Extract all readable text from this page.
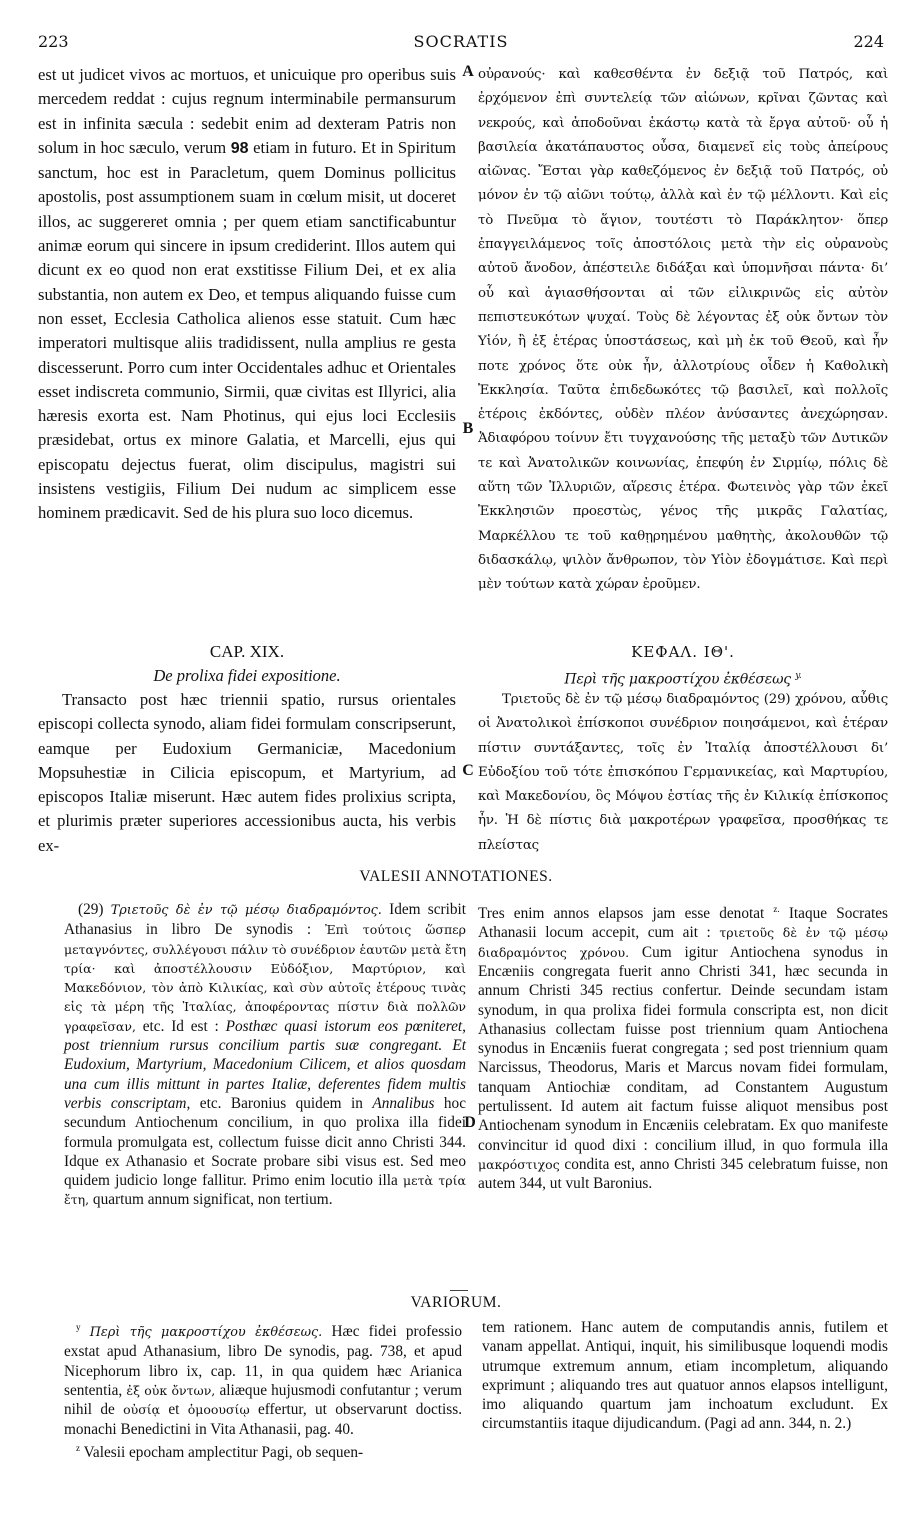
223	SOCRATIS	224
est ut judicet vivos ac mortuos, et unicuique pro operibus suis mercedem reddat : cujus regnum interminabile permansurum est in infinita sæcula : sedebit enim ad dexteram Patris non solum in hoc sæculo, verum 98 etiam in futuro. Et in Spiritum sanctum, hoc est in Paracletum, quem Dominus pollicitus apostolis, post assumptionem suam in cœlum misit, ut doceret illos, ac suggereret omnia ; per quem etiam sanctificabuntur animæ eorum qui sincere in ipsum crediderint. Illos autem qui dicunt ex eo quod non erat exstitisse Filium Dei, et ex alia substantia, non autem ex Deo, et tempus aliquando fuisse cum non esset, Ecclesia Catholica alienos esse statuit. Cum hæc imperatori multisque aliis tradidissent, nulla amplius re gesta discesserunt. Porro cum inter Occidentales adhuc et Orientales esset indiscreta communio, Sirmii, quæ civitas est Illyrici, alia hæresis exorta est. Nam Photinus, qui ejus loci Ecclesiis præsidebat, ortus ex minore Galatia, et Marcelli, ejus qui episcopatu dejectus fuerat, olim discipulus, magistri sui insistens vestigiis, Filium Dei nudum ac simplicem esse hominem prædicavit. Sed de his plura suo loco dicemus.
A οὐρανούς· καὶ καθεσθέντα ἐν δεξιᾷ τοῦ Πατρός, καὶ ἐρχόμενον ἐπὶ συντελείᾳ τῶν αἰώνων, κρῖναι ζῶντας καὶ νεκρούς, καὶ ἀποδοῦναι ἑκάστῳ κατὰ τὰ ἔργα αὐτοῦ· οὗ ἡ βασιλεία ἀκατάπαυστος οὖσα, διαμενεῖ εἰς τοὺς ἀπείρους αἰῶνας. Ἔσται γὰρ καθεζόμενος ἐν δεξιᾷ τοῦ Πατρός, οὐ μόνον ἐν τῷ αἰῶνι τούτῳ, ἀλλὰ καὶ ἐν τῷ μέλλοντι. Καὶ εἰς τὸ Πνεῦμα τὸ ἅγιον, τουτέστι τὸ Παράκλητον· ὅπερ ἐπαγγειλάμενος τοῖς ἀποστόλοις μετὰ τὴν εἰς οὐρανοὺς αὐτοῦ ἄνοδον, ἀπέστειλε διδάξαι καὶ ὑπομνῆσαι πάντα· δι’ οὗ καὶ ἁγιασθήσονται αἱ τῶν εἰλικρινῶς εἰς αὐτὸν πεπιστευκότων ψυχαί. Τοὺς δὲ λέγοντας ἐξ οὐκ ὄντων τὸν Υἱόν, ἢ ἐξ ἑτέρας ὑποστάσεως, καὶ μὴ ἐκ τοῦ Θεοῦ, καὶ ἦν ποτε χρόνος ὅτε οὐκ ἦν, ἀλλοτρίους οἶδεν ἡ Καθολικὴ Ἐκκλησία. Ταῦτα ἐπιδεδωκότες τῷ βασιλεῖ, καὶ πολλοῖς ἑτέροις ἐκδόντες, οὐδὲν πλέον ἀνύσαντες ἀνεχώρησαν. Ἀδιαφόρου τοίνυν ἔτι τυγχανούσης τῆς μεταξὺ τῶν Δυτικῶν τε καὶ Ἀνατολικῶν κοινωνίας, ἐπεφύη ἐν Σιρμίῳ, πόλις δὲ αὕτη τῶν Ἰλλυριῶν, αἵρεσις ἑτέρα. Φωτεινὸς γὰρ τῶν ἐκεῖ Ἐκκλησιῶν προεστὼς, γένος τῆς μικρᾶς Γαλατίας, Μαρκέλλου τε τοῦ καθῃρημένου μαθητὴς, ἀκολουθῶν τῷ διδασκάλῳ, ψιλὸν ἄνθρωπον, τὸν Υἱὸν ἐδογμάτισε. Καὶ περὶ μὲν τούτων κατὰ χώραν ἐροῦμεν.
B
CAP. XIX.
De prolixa fidei expositione.
ΚΕΦΑΛ. ΙΘ'.
Περὶ τῆς μακροστίχου ἐκθέσεως $^{y.}$
Transacto post hæc triennii spatio, rursus orientales episcopi collecta synodo, aliam fidei formulam conscripserunt, eamque per Eudoxium Germaniciæ, Macedonium Mopsuhestiæ in Cilicia episcopum, et Martyrium, ad episcopos Italiæ miserunt. Hæc autem fides prolixius scripta, et plurimis præter superiores accessionibus aucta, his verbis ex-
C
Τριετοῦς δὲ ἐν τῷ μέσῳ διαδραμόντος (29) χρόνου, αὖθις οἱ Ἀνατολικοὶ ἐπίσκοποι συνέδριον ποιησάμενοι, καὶ ἑτέραν πίστιν συντάξαντες, τοῖς ἐν Ἰταλίᾳ ἀποστέλλουσι δι’ Εὐδοξίου τοῦ τότε ἐπισκόπου Γερμανικείας, καὶ Μαρτυρίου, καὶ Μακεδονίου, ὃς Μόψου ἑστίας τῆς ἐν Κιλικίᾳ ἐπίσκοπος ἦν. Ἡ δὲ πίστις διὰ μακροτέρων γραφεῖσα, προσθήκας τε πλείστας
VALESII ANNOTATIONES.
(29) Τριετοῦς δὲ ἐν τῷ μέσῳ διαδραμόντος. Idem scribit Athanasius in libro De synodis : Ἐπὶ τούτοις ὥσπερ μεταγνόντες, συλλέγουσι πάλιν τὸ συνέδριον ἑαυτῶν μετὰ ἔτη τρία· καὶ ἀποστέλλουσιν Εὐδόξιον, Μαρτύριον, καὶ Μακεδόνιον, τὸν ἀπὸ Κιλικίας, καὶ σὺν αὐτοῖς ἑτέρους τινὰς εἰς τὰ μέρη τῆς Ἰταλίας, ἀποφέροντας πίστιν διὰ πολλῶν γραφεῖσαν, etc. Id est : Posthæc quasi istorum eos pœniteret, post triennium rursus concilium partis suæ congregant. Et Eudoxium, Martyrium, Macedonium Cilicem, et alios quosdam una cum illis mittunt in partes Italiæ, deferentes fidem multis verbis conscriptam, etc. Baronius quidem in Annalibus hoc secundum Antiochenum concilium, in quo prolixa illa fidei formula promulgata est, collectum fuisse dicit anno Christi 344. Idque ex Athanasio et Socrate probare sibi visus est. Sed meo quidem judicio longe fallitur. Primo enim locutio illa μετὰ τρία ἔτη, quartum annum significat, non tertium.
D
Tres enim annos elapsos jam esse denotat $^{z.}$ Itaque Socrates Athanasii locum accepit, cum ait : τριετοῦς δὲ ἐν τῷ μέσῳ διαδραμόντος χρόνου. Cum igitur Antiochena synodus in Encæniis congregata fuerit anno Christi 341, hæc secunda in annum Christi 345 rectius confertur. Deinde secundam istam synodum, in qua prolixa fidei formula conscripta est, non dicit Athanasius collectam fuisse post triennium quam Antiochena synodus in Encæniis fuerat congregata ; sed post triennium quam Narcissus, Theodorus, Maris et Marcus novam fidei formulam, tanquam Antiochiæ conditam, ad Constantem Augustum pertulissent. Id autem ait factum fuisse aliquot mensibus post Antiochenam synodum in Encæniis celebratam. Ex quo manifeste convincitur id quod dixi : concilium illud, in quo formula illa μακρόστιχος condita est, anno Christi 345 celebratum fuisse, non autem 344, ut vult Baronius.
VARIORUM.
$^y$ Περὶ τῆς μακροστίχου ἐκθέσεως. Hæc fidei professio exstat apud Athanasium, libro De synodis, pag. 738, et apud Nicephorum libro ix, cap. 11, in qua quidem hæc Arianica sententia, ἐξ οὐκ ὄντων, aliæque hujusmodi confutantur ; verum nihil de οὐσίᾳ et ὁμοουσίῳ effertur, ut observarunt doctiss. monachi Benedictini in Vita Athanasii, pag. 40.
$^z$ Valesii epocham amplectitur Pagi, ob sequen-
tem rationem. Hanc autem de computandis annis, futilem et vanam appellat. Antiqui, inquit, his similibusque loquendi modis utrumque extremum annum, etiam incompletum, aliquando exprimunt ; aliquando tres aut quatuor annos elapsos intelligunt, imo aliquando quartum jam inchoatum excludunt. Ex circumstantiis itaque dijudicandum. (Pagi ad ann. 344, n. 2.)
